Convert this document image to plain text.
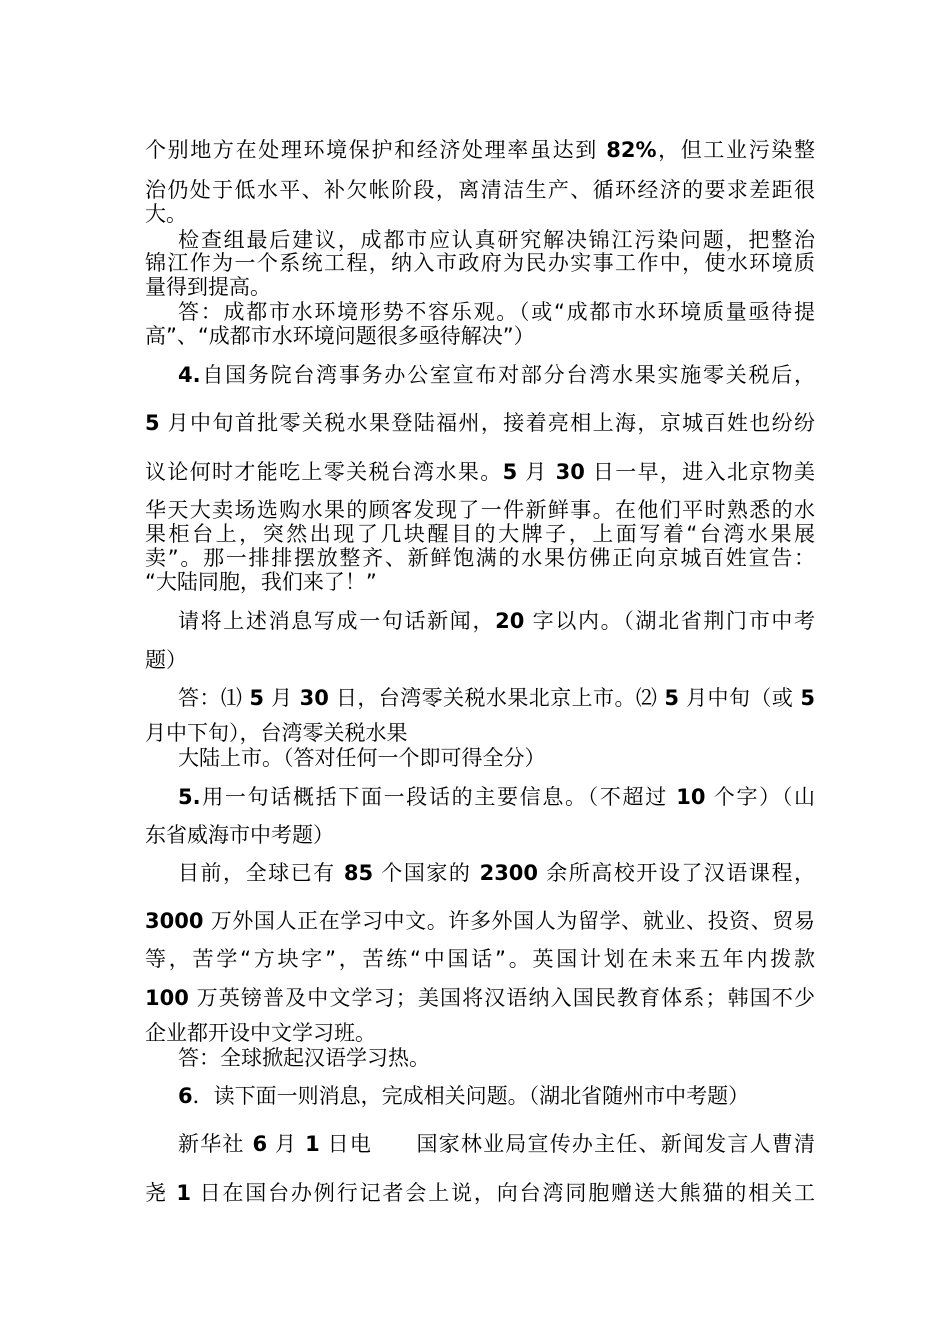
个别地方在处理环境保护和经济处理率虽达到 82%，但工业污染整
治仍处于低水平、补欠帐阶段，离清洁生产、循环经济的要求差距很
大。
检查组最后建议，成都市应认真研究解决锦江污染问题，把整治
锦江作为一个系统工程，纳入市政府为民办实事工作中，使水环境质
量得到提高。
答：成都市水环境形势不容乐观。（或“成都市水环境质量亟待提
高”、“成都市水环境问题很多亟待解决”）
4.自国务院台湾事务办公室宣布对部分台湾水果实施零关税后，
5 月中旬首批零关税水果登陆福州，接着亮相上海，京城百姓也纷纷
议论何时才能吃上零关税台湾水果。5 月 30 日一早，进入北京物美
华天大卖场选购水果的顾客发现了一件新鲜事。在他们平时熟悉的水
果柜台上，突然出现了几块醒目的大牌子，上面写着“台湾水果展
卖”。那一排排摆放整齐、新鲜饱满的水果仿佛正向京城百姓宣告：
“大陆同胞，我们来了！”
请将上述消息写成一句话新闻，20 字以内。（湖北省荆门市中考
题）
答：⑴ 5 月 30 日，台湾零关税水果北京上市。⑵ 5 月中旬（或 5
月中下旬），台湾零关税水果
大陆上市。（答对任何一个即可得全分）
5.用一句话概括下面一段话的主要信息。（不超过 10 个字）（山
东省威海市中考题）
目前，全球已有 85 个国家的 2300 余所高校开设了汉语课程，
3000 万外国人正在学习中文。许多外国人为留学、就业、投资、贸易
等，苦学“方块字”，苦练“中国话”。英国计划在未来五年内拨款
100 万英镑普及中文学习；美国将汉语纳入国民教育体系；韩国不少
企业都开设中文学习班。
答：全球掀起汉语学习热。
6．读下面一则消息，完成相关问题。（湖北省随州市中考题）
新华社 6 月 1 日电　　国家林业局宣传办主任、新闻发言人曹清
尧 1 日在国台办例行记者会上说，向台湾同胞赠送大熊猫的相关工
